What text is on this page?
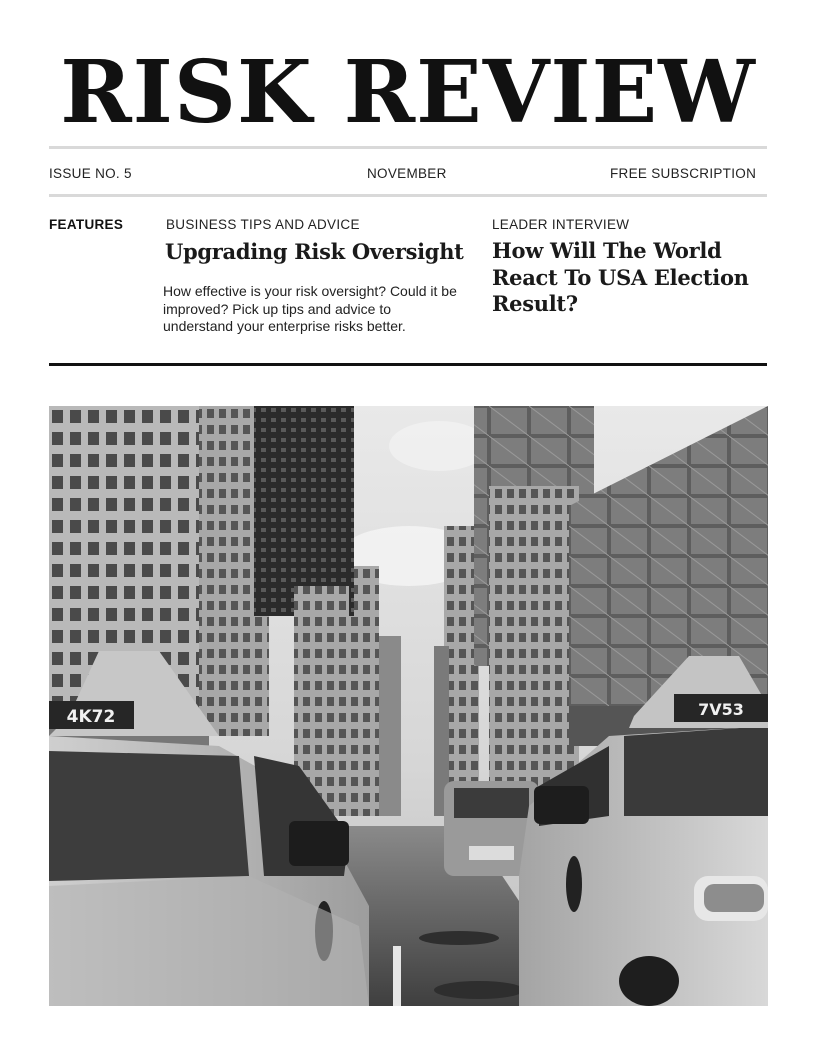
RISK REVIEW
ISSUE NO. 5	NOVEMBER	FREE SUBSCRIPTION
FEATURES	BUSINESS TIPS AND ADVICE
Upgrading Risk Oversight
How effective is your risk oversight? Could it be improved? Pick up tips and advice to understand your enterprise risks better.
LEADER INTERVIEW
How Will The World React To USA Election Result?
4K72	7V53
